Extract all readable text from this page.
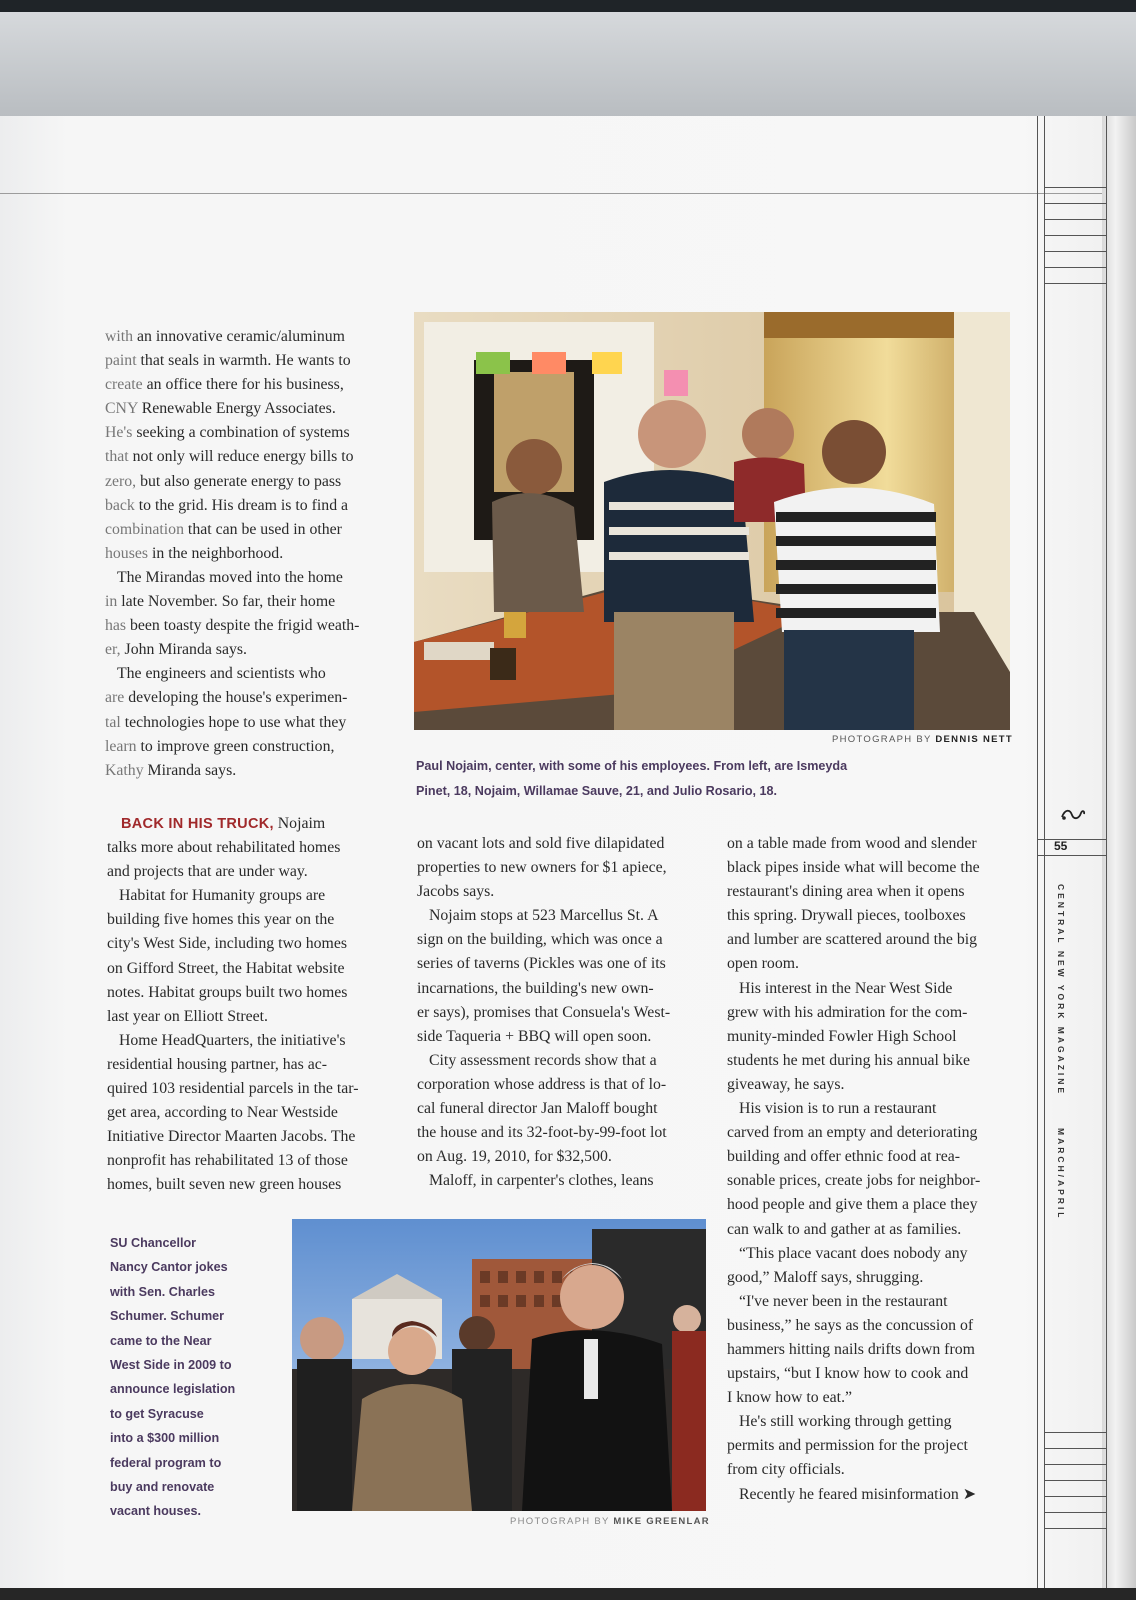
55
CENTRAL NEW YORK MAGAZINE
MARCH/APRIL

with an innovative ceramic/aluminum
paint that seals in warmth. He wants to
create an office there for his business,
CNY Renewable Energy Associates.
He's seeking a combination of systems
that not only will reduce energy bills to
zero, but also generate energy to pass
back to the grid. His dream is to find a
combination that can be used in other
houses in the neighborhood.

The Mirandas moved into the home
in late November. So far, their home
has been toasty despite the frigid weath-
er, John Miranda says.

The engineers and scientists who
are developing the house's experimen-
tal technologies hope to use what they
learn to improve green construction,
Kathy Miranda says.

PHOTOGRAPH BY DENNIS NETT
Paul Nojaim, center, with some of his employees. From left, are Ismeyda
Pinet, 18, Nojaim, Willamae Sauve, 21, and Julio Rosario, 18.

BACK IN HIS TRUCK, Nojaim
talks more about rehabilitated homes
and projects that are under way.

Habitat for Humanity groups are
building five homes this year on the
city's West Side, including two homes
on Gifford Street, the Habitat website
notes. Habitat groups built two homes
last year on Elliott Street.

Home HeadQuarters, the initiative's
residential housing partner, has ac-
quired 103 residential parcels in the tar-
get area, according to Near Westside
Initiative Director Maarten Jacobs. The
nonprofit has rehabilitated 13 of those
homes, built seven new green houses

on vacant lots and sold five dilapidated
properties to new owners for $1 apiece,
Jacobs says.

Nojaim stops at 523 Marcellus St. A
sign on the building, which was once a
series of taverns (Pickles was one of its
incarnations, the building's new own-
er says), promises that Consuela's West-
side Taqueria + BBQ will open soon.

City assessment records show that a
corporation whose address is that of lo-
cal funeral director Jan Maloff bought
the house and its 32-foot-by-99-foot lot
on Aug. 19, 2010, for $32,500.

Maloff, in carpenter's clothes, leans

on a table made from wood and slender
black pipes inside what will become the
restaurant's dining area when it opens
this spring. Drywall pieces, toolboxes
and lumber are scattered around the big
open room.

His interest in the Near West Side
grew with his admiration for the com-
munity-minded Fowler High School
students he met during his annual bike
giveaway, he says.

His vision is to run a restaurant
carved from an empty and deteriorating
building and offer ethnic food at rea-
sonable prices, create jobs for neighbor-
hood people and give them a place they
can walk to and gather at as families.

“This place vacant does nobody any
good,” Maloff says, shrugging.

“I've never been in the restaurant
business,” he says as the concussion of
hammers hitting nails drifts down from
upstairs, “but I know how to cook and
I know how to eat.”

He's still working through getting
permits and permission for the project
from city officials.

Recently he feared misinformation ➤

SU Chancellor
Nancy Cantor jokes
with Sen. Charles
Schumer. Schumer
came to the Near
West Side in 2009 to
announce legislation
to get Syracuse
into a $300 million
federal program to
buy and renovate
vacant houses.
PHOTOGRAPH BY MIKE GREENLAR
